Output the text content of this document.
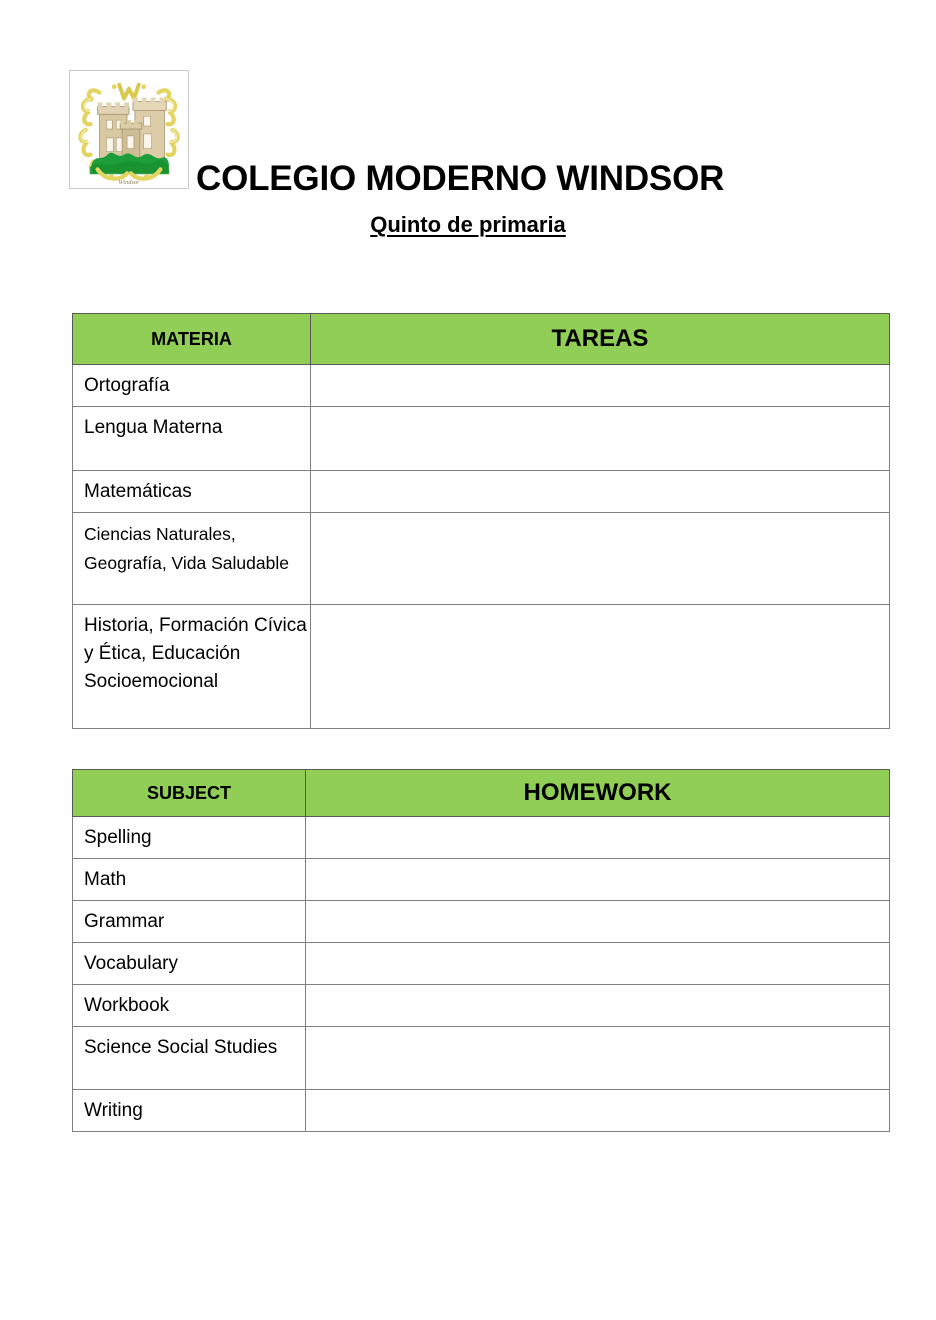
Windsor COLEGIO MODERNO WINDSOR
Quinto de primaria
MATERIA	TAREAS

Ortografía	

Lengua Materna	

Matemáticas	

Ciencias Naturales, Geografía, Vida Saludable	

Historia, Formación Cívica y Ética, Educación Socioemocional	

SUBJECT	HOMEWORK

Spelling	

Math	

Grammar	

Vocabulary	

Workbook	

Science Social Studies	

Writing	
